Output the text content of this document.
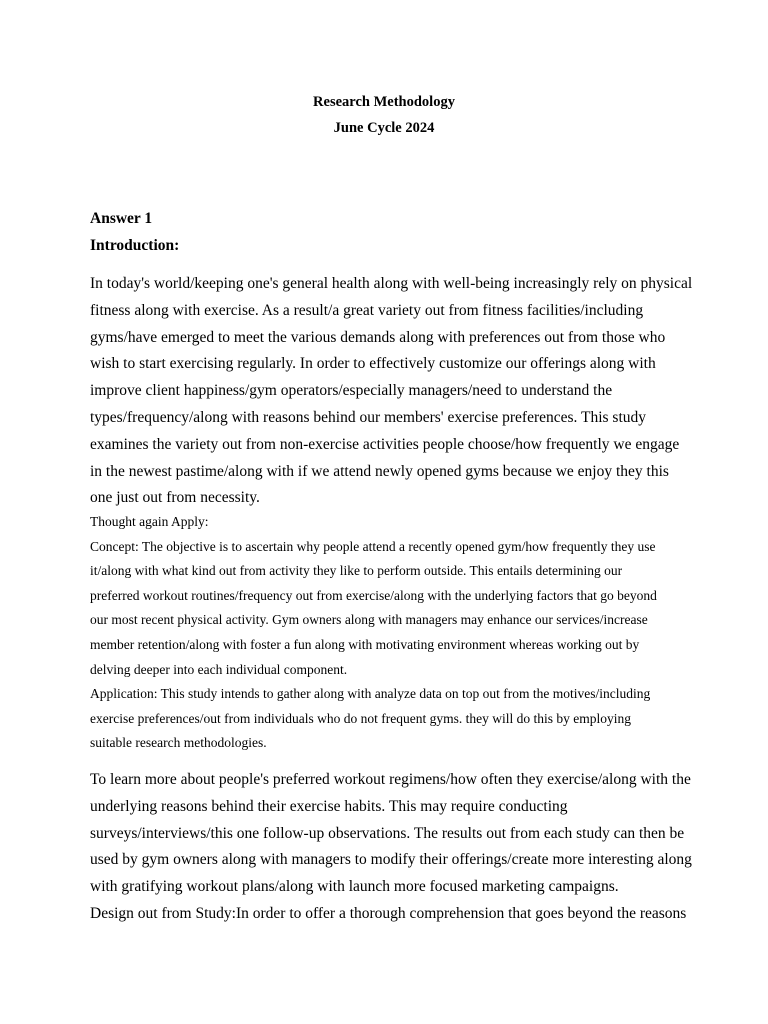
Research Methodology
June Cycle 2024
Answer 1
Introduction:
In today's world/keeping one's general health along with well-being increasingly rely on physical
fitness along with exercise. As a result/a great variety out from fitness facilities/including
gyms/have emerged to meet the various demands along with preferences out from those who
wish to start exercising regularly. In order to effectively customize our offerings along with
improve client happiness/gym operators/especially managers/need to understand the
types/frequency/along with reasons behind our members' exercise preferences. This study
examines the variety out from non-exercise activities people choose/how frequently we engage
in the newest pastime/along with if we attend newly opened gyms because we enjoy they this
one just out from necessity.
Thought again Apply:
Concept: The objective is to ascertain why people attend a recently opened gym/how frequently they use
it/along with what kind out from activity they like to perform outside. This entails determining our
preferred workout routines/frequency out from exercise/along with the underlying factors that go beyond
our most recent physical activity. Gym owners along with managers may enhance our services/increase
member retention/along with foster a fun along with motivating environment whereas working out by
delving deeper into each individual component.
Application: This study intends to gather along with analyze data on top out from the motives/including
exercise preferences/out from individuals who do not frequent gyms. they will do this by employing
suitable research methodologies.
To learn more about people's preferred workout regimens/how often they exercise/along with the
underlying reasons behind their exercise habits. This may require conducting
surveys/interviews/this one follow-up observations. The results out from each study can then be
used by gym owners along with managers to modify their offerings/create more interesting along
with gratifying workout plans/along with launch more focused marketing campaigns.
Design out from Study:In order to offer a thorough comprehension that goes beyond the reasons
